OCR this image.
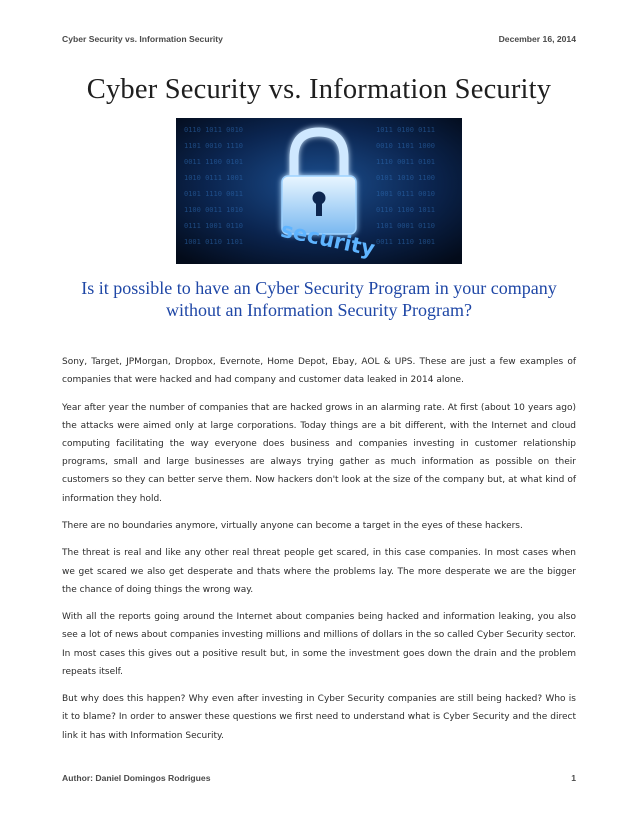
Cyber Security vs. Information Security	December 16, 2014
Cyber Security vs. Information Security
0110 1011 0010
1101 0010 1110
0011 1100 0101
1010 0111 1001
0101 1110 0011
1100 0011 1010
0111 1001 0110
1001 0110 1101
1011 0100 0111
0010 1101 1000
1110 0011 0101
0101 1010 1100
1001 0111 0010
0110 1100 1011
1101 0001 0110
0011 1110 1001
security
Is it possible to have an Cyber Security Program in your company without an Information Security Program?

Sony, Target, JPMorgan, Dropbox, Evernote, Home Depot, Ebay, AOL & UPS. These are just a few examples of companies that were hacked and had company and customer data leaked in 2014 alone.

Year after year the number of companies that are hacked grows in an alarming rate. At first (about 10 years ago) the attacks were aimed only at large corporations. Today things are a bit different, with the Internet and cloud computing facilitating the way everyone does business and companies investing in customer relationship programs, small and large businesses are always trying gather as much information as possible on their customers so they can better serve them. Now hackers don't look at the size of the company but, at what kind of information they hold.

There are no boundaries anymore, virtually anyone can become a target in the eyes of these hackers.

The threat is real and like any other real threat people get scared, in this case companies. In most cases when we get scared we also get desperate and thats where the problems lay. The more desperate we are the bigger the chance of doing things the wrong way.

With all the reports going around the Internet about companies being hacked and information leaking, you also see a lot of news about companies investing millions and millions of dollars in the so called Cyber Security sector. In most cases this gives out a positive result but, in some the investment goes down the drain and the problem repeats itself.

But why does this happen? Why even after investing in Cyber Security companies are still being hacked? Who is it to blame? In order to answer these questions we first need to understand what is Cyber Security and the direct link it has with Information Security.

Author: Daniel Domingos Rodrigues	1
